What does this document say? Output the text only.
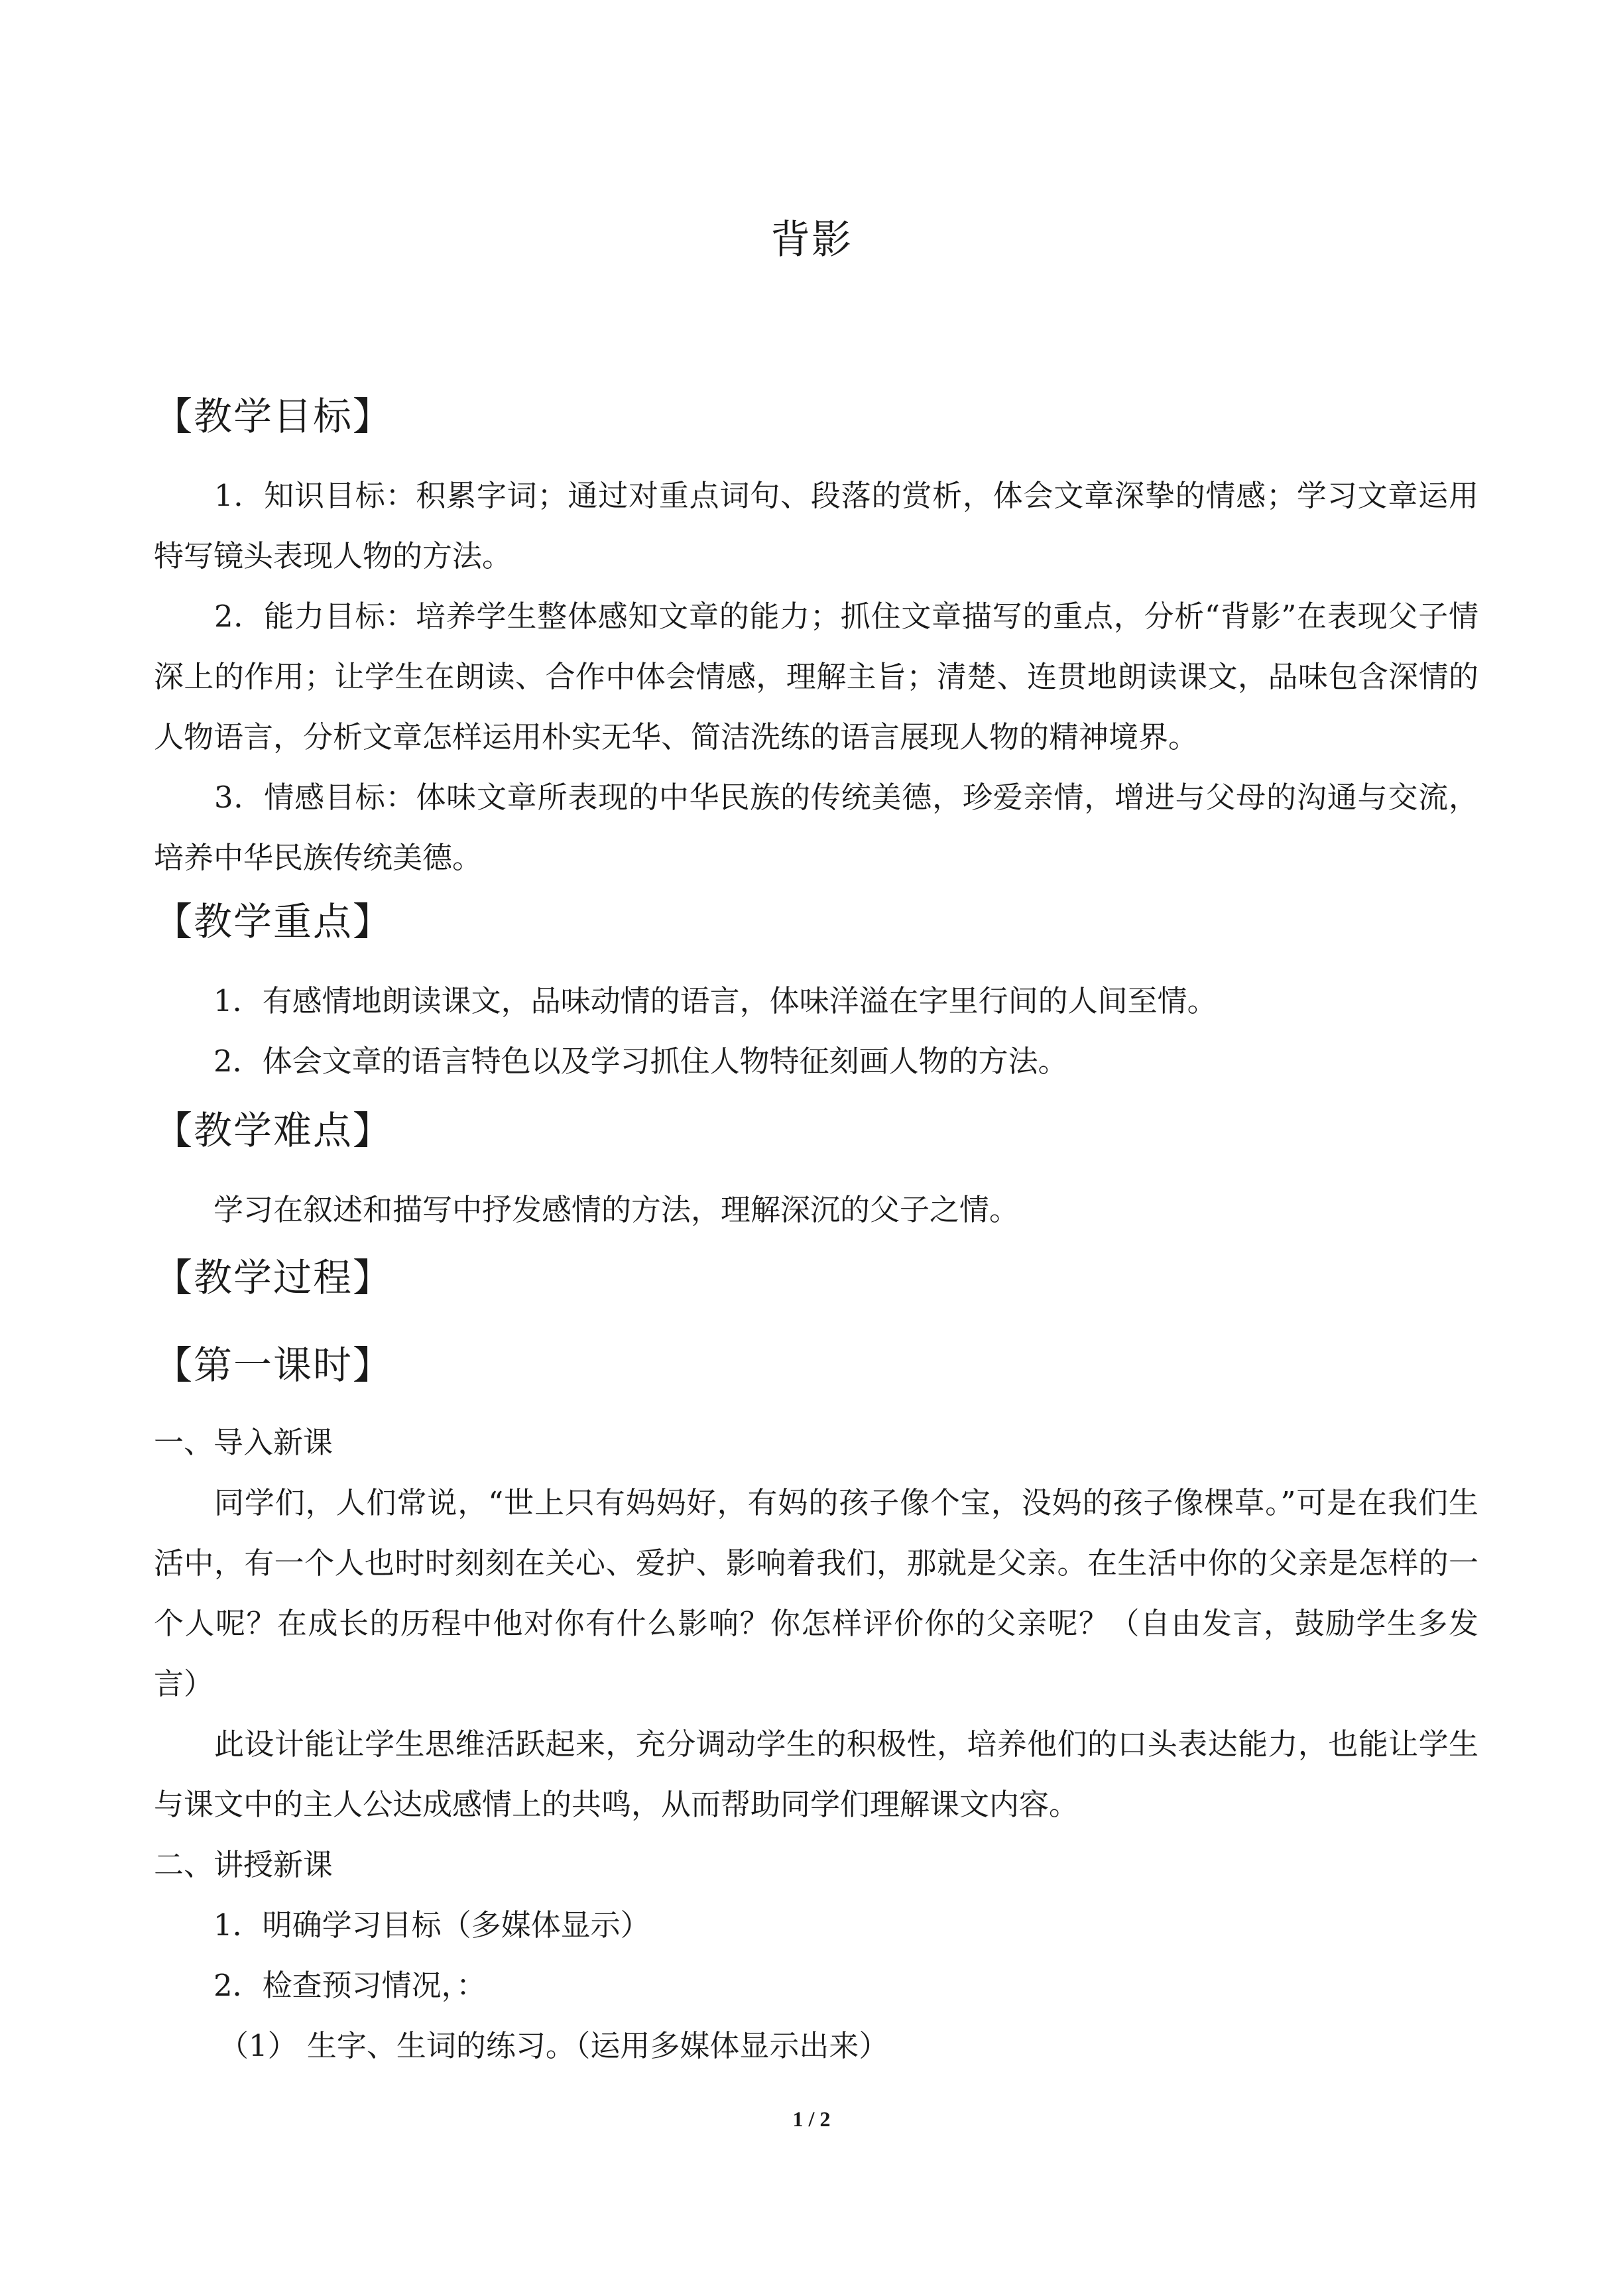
背影
【教学目标】
1．知识目标：积累字词；通过对重点词句、段落的赏析，体会文章深挚的情感；学习文章运用特写镜头表现人物的方法。
2．能力目标：培养学生整体感知文章的能力；抓住文章描写的重点，分析“背影”在表现父子情深上的作用；让学生在朗读、合作中体会情感，理解主旨；清楚、连贯地朗读课文，品味包含深情的人物语言，分析文章怎样运用朴实无华、简洁洗练的语言展现人物的精神境界。
3．情感目标：体味文章所表现的中华民族的传统美德，珍爱亲情，增进与父母的沟通与交流，培养中华民族传统美德。
【教学重点】
1．有感情地朗读课文，品味动情的语言，体味洋溢在字里行间的人间至情。
2．体会文章的语言特色以及学习抓住人物特征刻画人物的方法。
【教学难点】
学习在叙述和描写中抒发感情的方法，理解深沉的父子之情。
【教学过程】
【第一课时】
一、导入新课
同学们，人们常说，“世上只有妈妈好，有妈的孩子像个宝，没妈的孩子像棵草。”可是在我们生活中，有一个人也时时刻刻在关心、爱护、影响着我们，那就是父亲。在生活中你的父亲是怎样的一个人呢？在成长的历程中他对你有什么影响？你怎样评价你的父亲呢？（自由发言，鼓励学生多发言）
此设计能让学生思维活跃起来，充分调动学生的积极性，培养他们的口头表达能力，也能让学生与课文中的主人公达成感情上的共鸣，从而帮助同学们理解课文内容。
二、讲授新课
1．明确学习目标（多媒体显示）
2．检查预习情况，：
（1） 生字、生词的练习。（运用多媒体显示出来）
1 / 2
